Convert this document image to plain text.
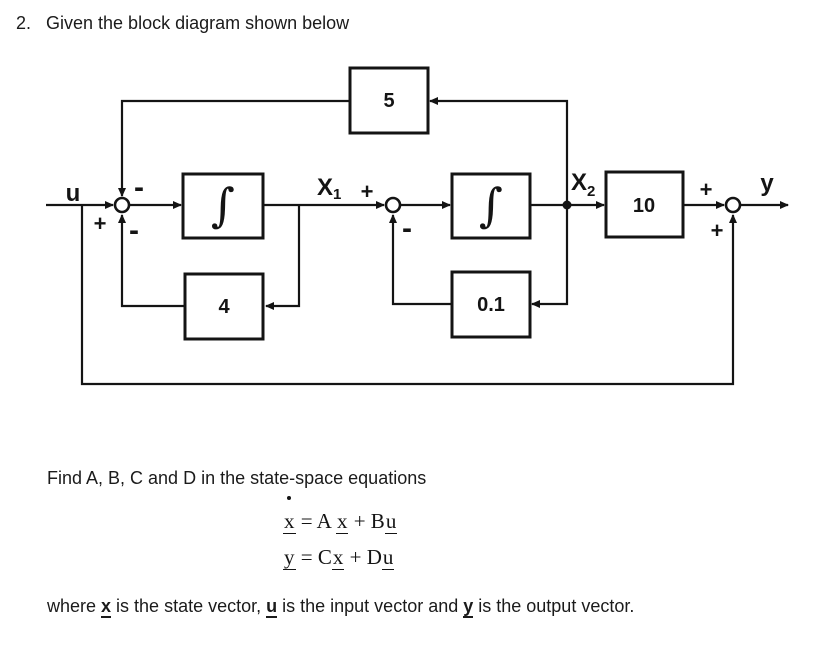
2. Given the block diagram shown below
5
∫	∫	10
4	0.1
u	X1	X2	y
-
+ -
+
-
+
+
Find A, B, C and D in the state-space equations
x = A x + Bu
y = Cx + Du
where x is the state vector, u is the input vector and y is the output vector.
